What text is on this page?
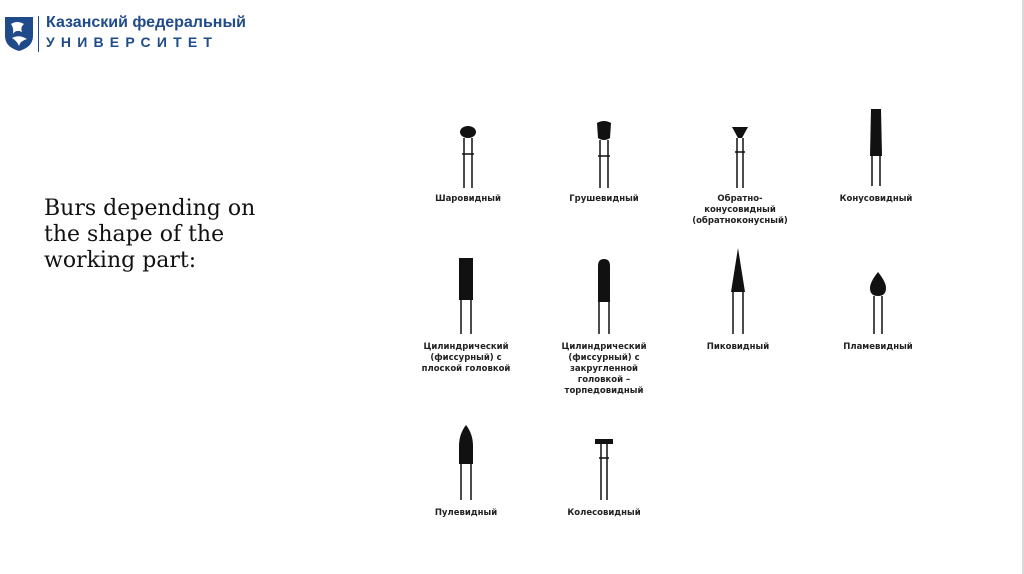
Казанский федеральный
УНИВЕРСИТЕТ
Burs depending on
the shape of the
working part:
Шаровидный	Грушевидный	Обратно-
конусовидный
(обратноконусный)
Конусовидный
Цилиндрический
(фиссурный) с
плоской головкой
Цилиндрический
(фиссурный) с
закругленной
головкой –
торпедовидный
Пиковидный	Пламевидный
Пулевидный	Колесовидный
